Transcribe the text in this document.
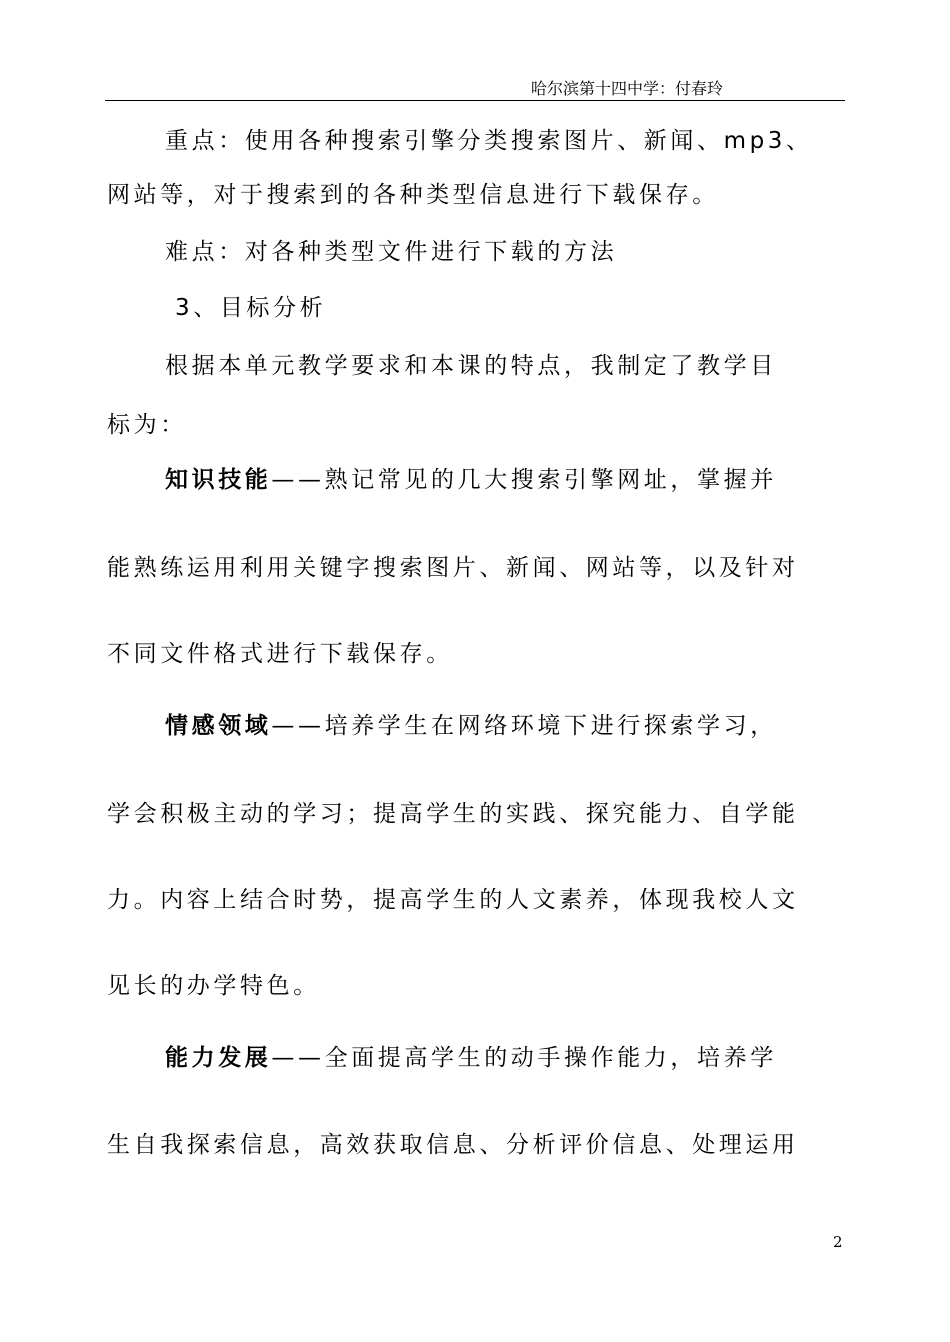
哈尔滨第十四中学：付春玲
重点：使用各种搜索引擎分类搜索图片、新闻、mp3、
网站等，对于搜索到的各种类型信息进行下载保存。
难点：对各种类型文件进行下载的方法
3、目标分析
根据本单元教学要求和本课的特点，我制定了教学目
标为：
知识技能——熟记常见的几大搜索引擎网址，掌握并
能熟练运用利用关键字搜索图片、新闻、网站等，以及针对
不同文件格式进行下载保存。
情感领域——培养学生在网络环境下进行探索学习，
学会积极主动的学习；提高学生的实践、探究能力、自学能
力。内容上结合时势，提高学生的人文素养，体现我校人文
见长的办学特色。
能力发展——全面提高学生的动手操作能力，培养学
生自我探索信息，高效获取信息、分析评价信息、处理运用
2
